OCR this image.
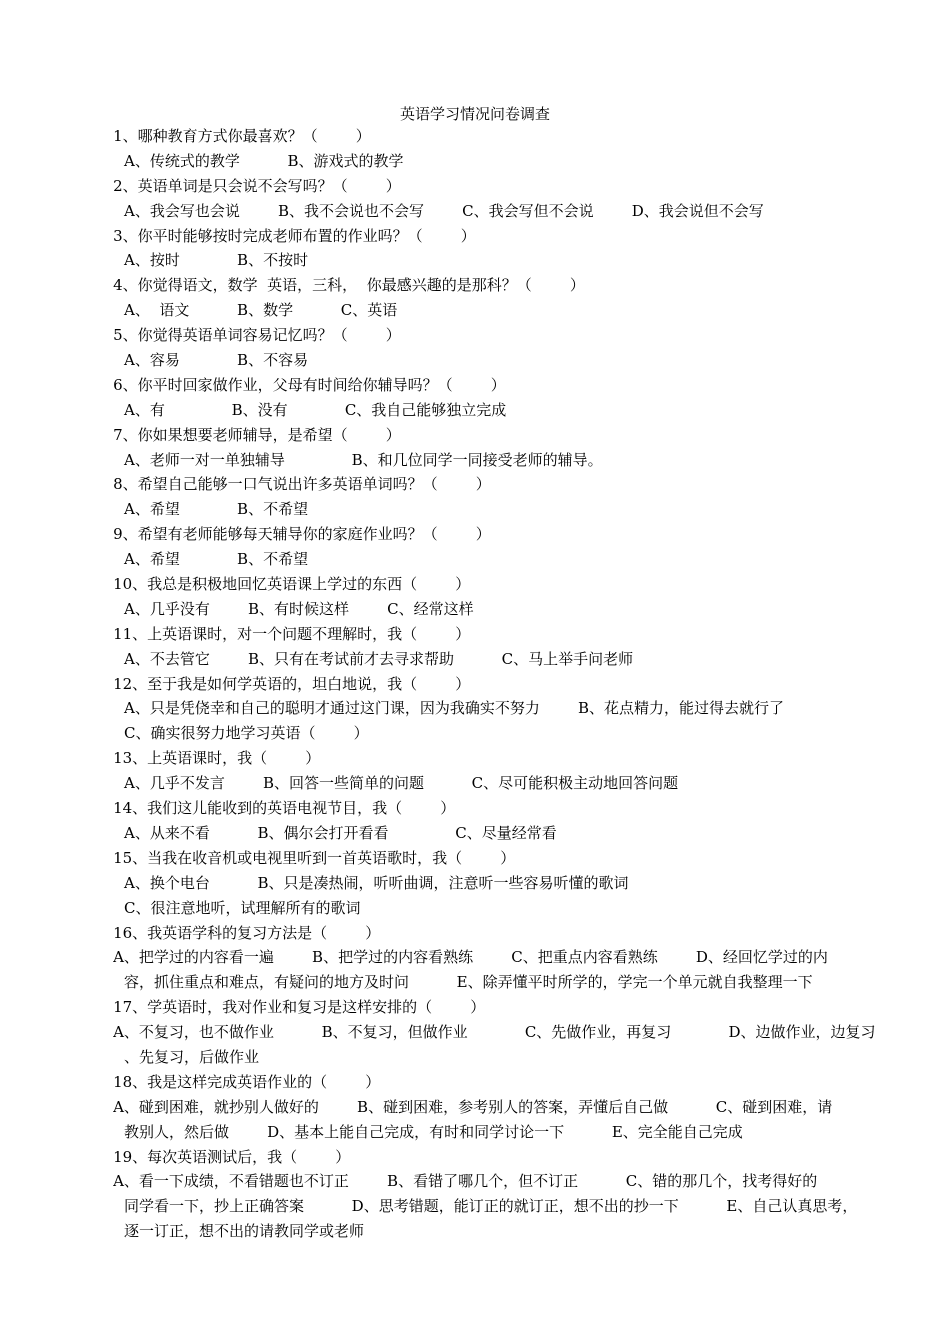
英语学习情况问卷调查
1、哪种教育方式你最喜欢？（        ）
A、传统式的教学          B、游戏式的教学
2、英语单词是只会说不会写吗？（        ）
A、我会写也会说        B、我不会说也不会写        C、我会写但不会说        D、我会说但不会写
3、你平时能够按时完成老师布置的作业吗？（        ）
A、按时            B、不按时
4、你觉得语文，数学  英语，三科，  你最感兴趣的是那科？（        ）
A、  语文          B、数学          C、英语
5、你觉得英语单词容易记忆吗？（        ）
A、容易            B、不容易
6、你平时回家做作业，父母有时间给你辅导吗？（        ）
A、有              B、没有            C、我自己能够独立完成
7、你如果想要老师辅导，是希望（        ）
A、老师一对一单独辅导              B、和几位同学一同接受老师的辅导。
8、希望自己能够一口气说出许多英语单词吗？（        ）
A、希望            B、不希望
9、希望有老师能够每天辅导你的家庭作业吗？（        ）
A、希望            B、不希望
10、我总是积极地回忆英语课上学过的东西（        ）
A、几乎没有        B、有时候这样        C、经常这样
11、上英语课时，对一个问题不理解时，我（        ）
A、不去管它        B、只有在考试前才去寻求帮助          C、马上举手问老师
12、至于我是如何学英语的，坦白地说，我（        ）
A、只是凭侥幸和自己的聪明才通过这门课，因为我确实不努力        B、花点精力，能过得去就行了
C、确实很努力地学习英语（        ）
13、上英语课时，我（        ）
A、几乎不发言        B、回答一些简单的问题          C、尽可能积极主动地回答问题
14、我们这儿能收到的英语电视节目，我（        ）
A、从来不看          B、偶尔会打开看看              C、尽量经常看
15、当我在收音机或电视里听到一首英语歌时，我（        ）
A、换个电台          B、只是凑热闹，听听曲调，注意听一些容易听懂的歌词
C、很注意地听，试理解所有的歌词
16、我英语学科的复习方法是（        ）
A、把学过的内容看一遍        B、把学过的内容看熟练        C、把重点内容看熟练        D、经回忆学过的内
容，抓住重点和难点，有疑问的地方及时问          E、除弄懂平时所学的，学完一个单元就自我整理一下
17、学英语时，我对作业和复习是这样安排的（        ）
A、不复习，也不做作业          B、不复习，但做作业            C、先做作业，再复习            D、边做作业，边复习
、先复习，后做作业
18、我是这样完成英语作业的（        ）
A、碰到困难，就抄别人做好的        B、碰到困难，参考别人的答案，弄懂后自己做          C、碰到困难，请
教别人，然后做        D、基本上能自己完成，有时和同学讨论一下          E、完全能自己完成
19、每次英语测试后，我（        ）
A、看一下成绩，不看错题也不订正        B、看错了哪几个，但不订正          C、错的那几个，找考得好的
同学看一下，抄上正确答案          D、思考错题，能订正的就订正，想不出的抄一下          E、自己认真思考，
逐一订正，想不出的请教同学或老师
